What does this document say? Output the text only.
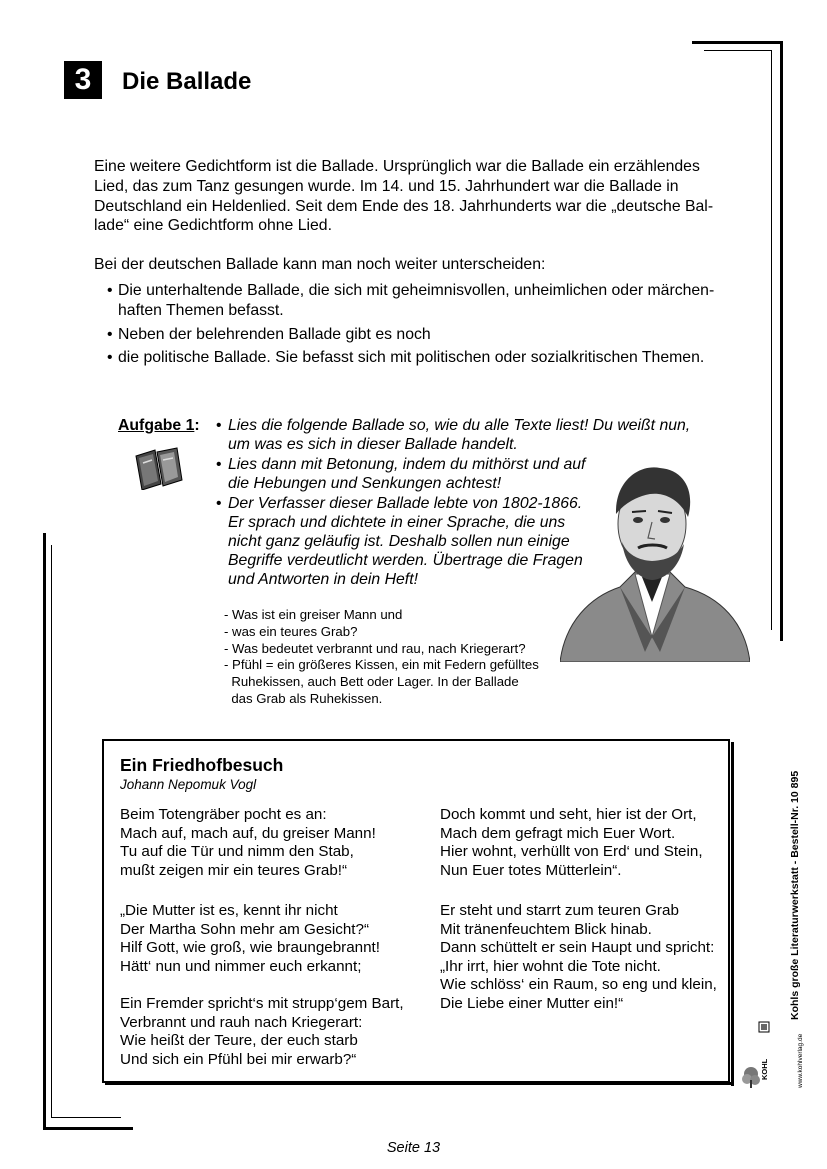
3	Die Ballade

Eine weitere Gedichtform ist die Ballade. Ursprünglich war die Ballade ein erzählendes Lied, das zum Tanz gesungen wurde. Im 14. und 15. Jahrhundert war die Ballade in Deutschland ein Heldenlied. Seit dem Ende des 18. Jahrhunderts war die „deutsche Bal-lade“ eine Gedichtform ohne Lied.

Bei der deutschen Ballade kann man noch weiter unterscheiden:

• Die unterhaltende Ballade, die sich mit geheimnisvollen, unheimlichen oder märchen-haften Themen befasst.
• Neben der belehrenden Ballade gibt es noch
• die politische Ballade. Sie befasst sich mit politischen oder sozialkritischen Themen.
Aufgabe 1:
•	Lies die folgende Ballade so, wie du alle Texte liest! Du weißt nun, um was es sich in dieser Ballade handelt.
• Lies dann mit Betonung, indem du mithörst und auf die Hebungen und Senkungen achtest!
• Der Verfasser dieser Ballade lebte von 1802-1866. Er sprach und dichtete in einer Sprache, die uns nicht ganz geläufig ist. Deshalb sollen nun einige Begriffe verdeutlicht werden. Übertrage die Fragen und Antworten in dein Heft!
- Was ist ein greiser Mann und
- was ein teures Grab?
- Was bedeutet verbrannt und rau, nach Kriegerart?
- Pfühl = ein größeres Kissen, ein mit Federn gefülltes
Ruhekissen, auch Bett oder Lager. In der Ballade
das Grab als Ruhekissen.
Ein Friedhofbesuch
Johann Nepomuk Vogl
Beim Totengräber pocht es an:
Mach auf, mach auf, du greiser Mann!
Tu auf die Tür und nimm den Stab,
mußt zeigen mir ein teures Grab!“
„Die Mutter ist es, kennt ihr nicht
Der Martha Sohn mehr am Gesicht?“
Hilf Gott, wie groß, wie braungebrannt!
Hätt‘ nun und nimmer euch erkannt;
Ein Fremder spricht‘s mit strupp‘gem Bart,
Verbrannt und rauh nach Kriegerart:
Wie heißt der Teure, der euch starb
Und sich ein Pfühl bei mir erwarb?“
Doch kommt und seht, hier ist der Ort,
Mach dem gefragt mich Euer Wort.
Hier wohnt, verhüllt von Erd‘ und Stein,
Nun Euer totes Mütterlein“.
Er steht und starrt zum teuren Grab
Mit tränenfeuchtem Blick hinab.
Dann schüttelt er sein Haupt und spricht:
„Ihr irrt, hier wohnt die Tote nicht.
Wie schlöss‘ ein Raum, so eng und klein,
Die Liebe einer Mutter ein!“	Kohls große Literaturwerkstatt - Bestell-Nr. 10 895
www.kohlverlag.de
KOHL
Seite 13
